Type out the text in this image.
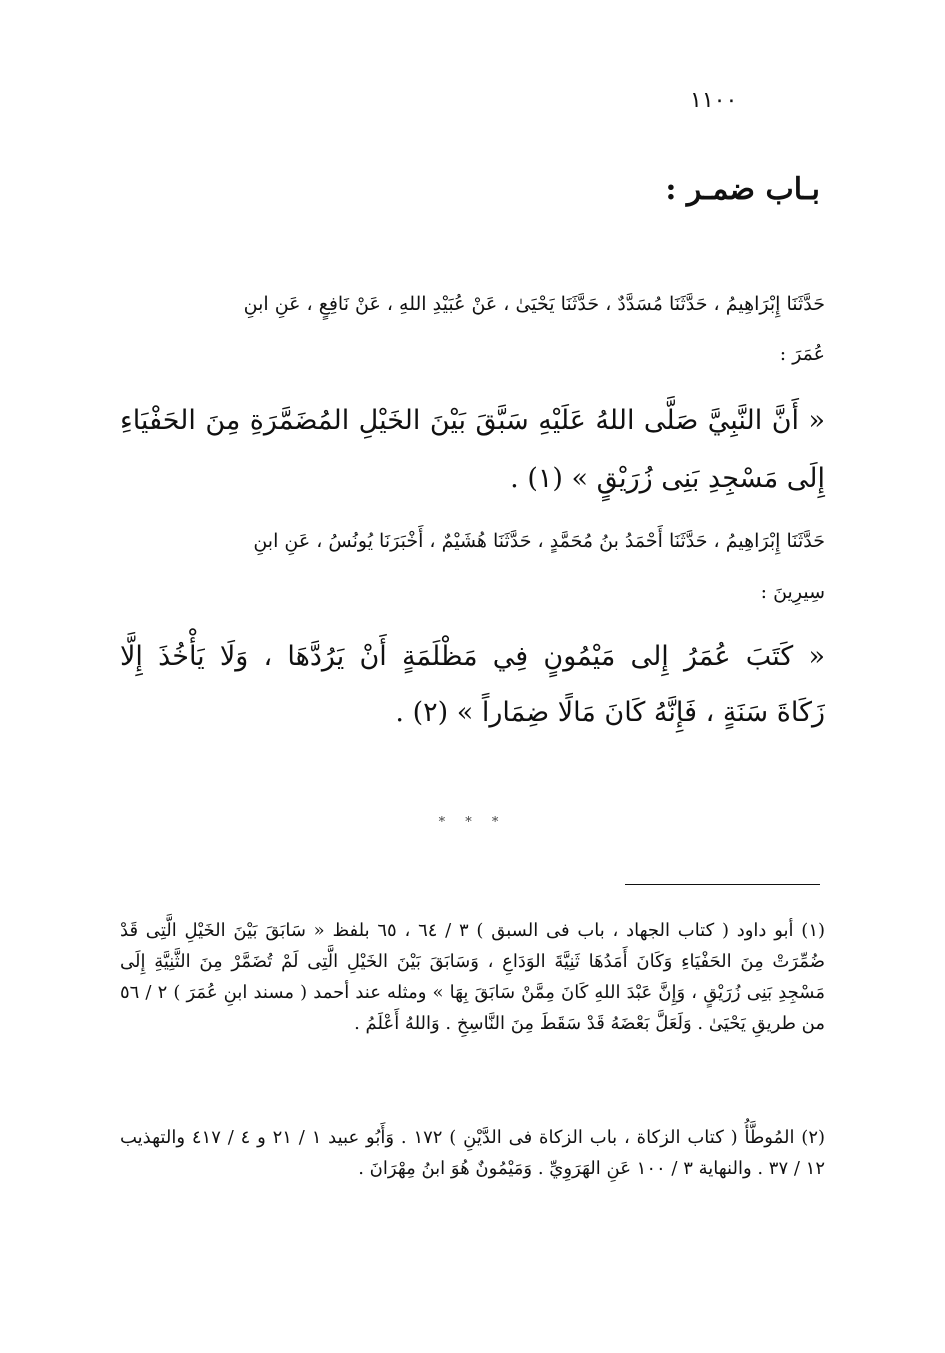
١١٠٠
بـاب ضمـر :
حَدَّثَنَا إِبْرَاهِيمُ ، حَدَّثَنَا مُسَدَّدٌ ، حَدَّثَنَا يَحْيَىٰ ، عَنْ عُبَيْدِ اللهِ ، عَنْ نَافِعٍ ، عَنِ ابنِ
عُمَرَ :
« أَنَّ النَّبِيَّ صَلَّى اللهُ عَلَيْهِ سَبَّقَ بَيْنَ الخَيْلِ المُضَمَّرَةِ مِنَ الحَفْيَاءِ
إِلَى مَسْجِدِ بَنِى زُرَيْقٍ » (١) .
حَدَّثَنَا إِبْرَاهِيمُ ، حَدَّثَنَا أَحْمَدُ بنُ مُحَمَّدٍ ، حَدَّثَنَا هُشَيْمٌ ، أَخْبَرَنَا يُونُسُ ، عَنِ ابنِ
سِيرِينَ :
« كَتَبَ عُمَرُ إِلى مَيْمُونٍ فِي مَظْلَمَةٍ أَنْ يَرُدَّهَا ، وَلَا يَأْخُذَ إِلَّا
زَكَاةَ سَنَةٍ ، فَإِنَّهُ كَانَ مَالًا ضِمَاراً » (٢) .
* * *
(١) أبو داود ( كتاب الجهاد ، باب فى السبق ) ٣ / ٦٤ ، ٦٥ بلفظ « سَابَقَ بَيْنَ الخَيْلِ الَّتِى قَدْ ضُمِّرَتْ مِنَ الحَفْيَاءِ وَكَانَ أَمَدُهَا ثَنِيَّةَ الوَدَاعِ ، وَسَابَقَ بَيْنَ الخَيْلِ الَّتِى لَمْ تُضَمَّرْ مِنَ الثَّنِيَّةِ إِلَى مَسْجِدِ بَنِى زُرَيْقٍ ، وَإِنَّ عَبْدَ اللهِ كَانَ مِمَّنْ سَابَقَ بِهَا » ومثله عند أحمد ( مسند ابنِ عُمَرَ ) ٢ / ٥٦ من طريقِ يَحْيَىٰ . وَلَعَلَّ بَعْضَهُ قَدْ سَقَطَ مِنَ النَّاسِخِ . وَاللهُ أَعْلَمُ .
(٢) المُوطَّأُ ( كتاب الزكاة ، باب الزكاة فى الدَّيْنِ ) ١٧٢ . وَأَبُو عبيد ١ / ٢١ و ٤ / ٤١٧ والتهذيب ١٢ / ٣٧ . والنهاية ٣ / ١٠٠ عَنِ الهَرَوِيِّ . وَمَيْمُونٌ هُوَ ابنُ مِهْرَانَ .
